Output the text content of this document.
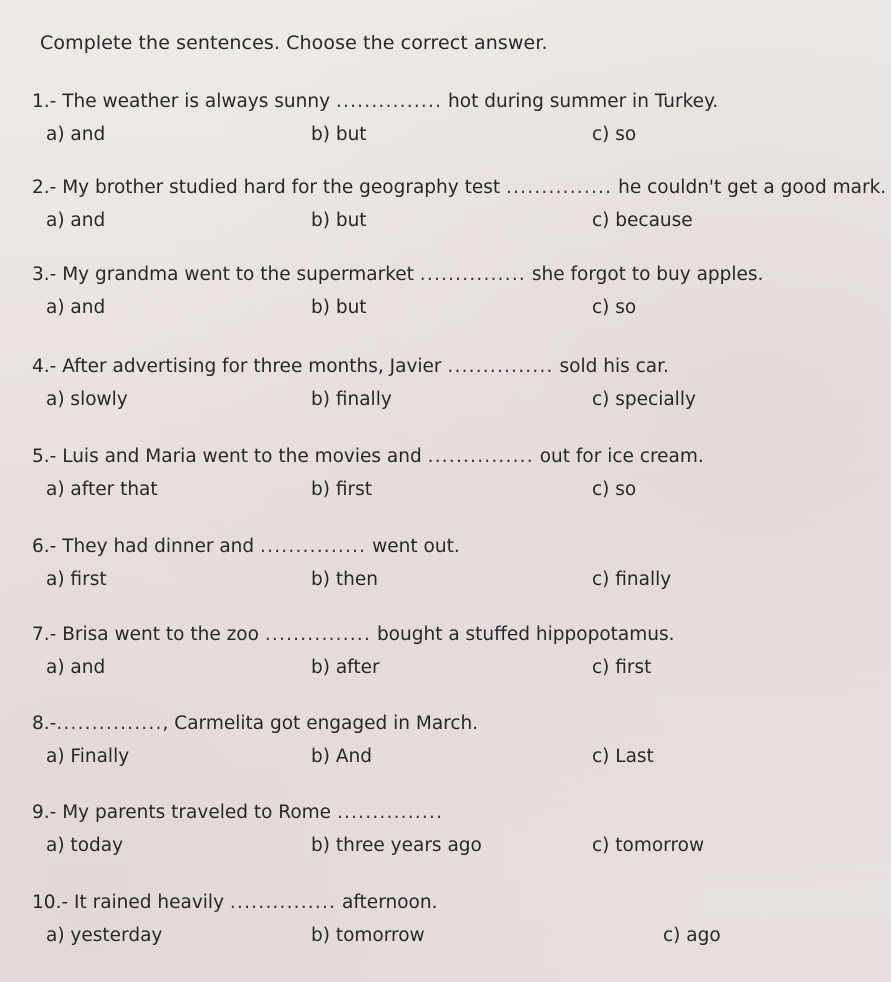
Complete the sentences. Choose the correct answer.
1.- The weather is always sunny ............... hot during summer in Turkey.
a) and	b) but	c) so
2.- My brother studied hard for the geography test ............... he couldn't get a good mark.
a) and	b) but	c) because
3.- My grandma went to the supermarket ............... she forgot to buy apples.
a) and	b) but	c) so
4.- After advertising for three months, Javier ............... sold his car.
a) slowly	b) finally	c) specially
5.- Luis and Maria went to the movies and ............... out for ice cream.
a) after that	b) first	c) so
6.- They had dinner and ............... went out.
a) first	b) then	c) finally
7.- Brisa went to the zoo ............... bought a stuffed hippopotamus.
a) and	b) after	c) first
8.-..............., Carmelita got engaged in March.
a) Finally	b) And	c) Last
9.- My parents traveled to Rome ...............
a) today	b) three years ago	c) tomorrow
10.- It rained heavily ............... afternoon.
a) yesterday	b) tomorrow	c) ago
